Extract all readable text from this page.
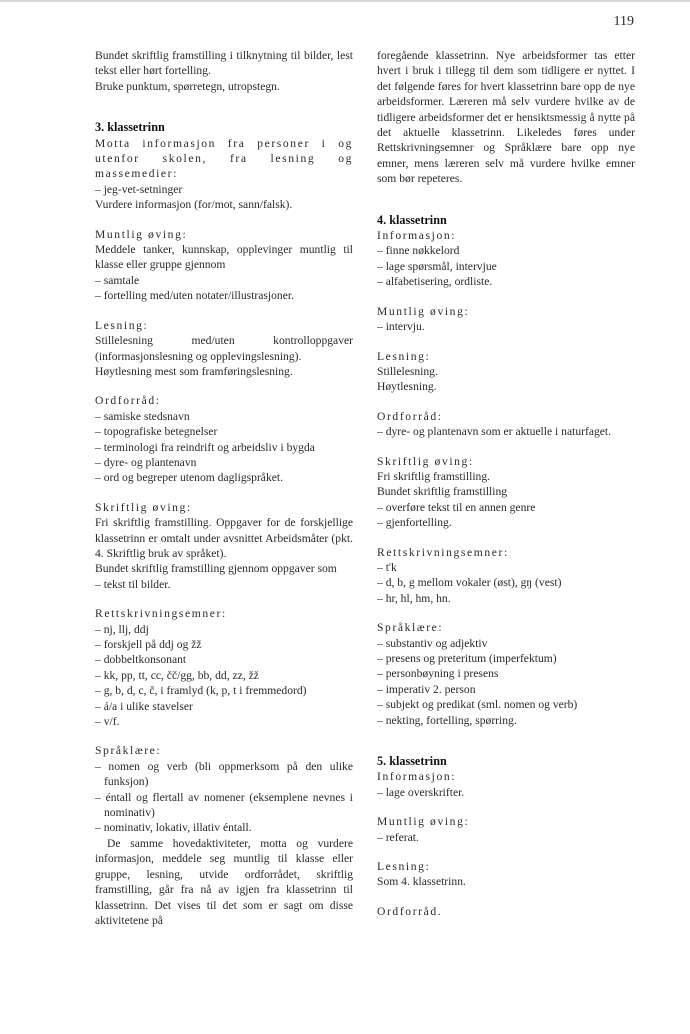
119

Bundet skriftlig framstilling i tilknytning til bilder, lest tekst eller hørt fortelling.

Bruke punktum, spørretegn, utropstegn.

3. klassetrinn

Motta informasjon fra personer i og utenfor skolen, fra lesning og massemedier:

– jeg-vet-setninger

Vurdere informasjon (for/mot, sann/falsk).

Muntlig øving:

Meddele tanker, kunnskap, opplevinger muntlig til klasse eller gruppe gjennom

– samtale
– fortelling med/uten notater/illustrasjoner.

Lesning:

Stillelesning med/uten kontrolloppgaver (informasjonslesning og opplevingslesning).

Høytlesning mest som framføringslesning.

Ordforråd:

– samiske stedsnavn
– topografiske betegnelser
– terminologi fra reindrift og arbeidsliv i bygda
– dyre- og plantenavn
– ord og begreper utenom dagligspråket.

Skriftlig øving:

Fri skriftlig framstilling. Oppgaver for de forskjellige klassetrinn er omtalt under avsnittet Arbeidsmåter (pkt. 4. Skriftlig bruk av språket).

Bundet skriftlig framstilling gjennom oppgaver som

– tekst til bilder.

Rettskrivningsemner:

– nj, llj, ddj
– forskjell på ddj og žž
– dobbeltkonsonant
– kk, pp, tt, cc, čč/gg, bb, dd, zz, žž
– g, b, d, c, č, i framlyd (k, p, t i fremmedord)
– á/a i ulike stavelser
– v/f.

Språklære:

– nomen og verb (bli oppmerksom på den ulike funksjon)
– éntall og flertall av nomener (eksemplene nevnes i nominativ)
– nominativ, lokativ, illativ éntall.

De samme hovedaktiviteter, motta og vurdere informasjon, meddele seg muntlig til klasse eller gruppe, lesning, utvide ordforrådet, skriftlig framstilling, går fra nå av igjen fra klassetrinn til klassetrinn. Det vises til det som er sagt om disse aktivitetene på

foregående klassetrinn. Nye arbeidsformer tas etter hvert i bruk i tillegg til dem som tidligere er nyttet. I det følgende føres for hvert klassetrinn bare opp de nye arbeidsformer. Læreren må selv vurdere hvilke av de tidligere arbeidsformer det er hensiktsmessig å nytte på det aktuelle klassetrinn. Likeledes føres under Rettskrivningsemner og Språklære bare opp nye emner, mens læreren selv må vurdere hvilke emner som bør repeteres.

4. klassetrinn

Informasjon:

– finne nøkkelord
– lage spørsmål, intervjue
– alfabetisering, ordliste.

Muntlig øving:

– intervju.

Lesning:

Stillelesning.

Høytlesning.

Ordforråd:

– dyre- og plantenavn som er aktuelle i naturfaget.

Skriftlig øving:

Fri skriftlig framstilling.

Bundet skriftlig framstilling

– overføre tekst til en annen genre
– gjenfortelling.

Rettskrivningsemner:

– t'k
– d, b, g mellom vokaler (øst), gŋ (vest)
– hr, hl, hm, hn.

Språklære:

– substantiv og adjektiv
– presens og preteritum (imperfektum)
– personbøyning i presens
– imperativ 2. person
– subjekt og predikat (sml. nomen og verb)
– nekting, fortelling, spørring.

5. klassetrinn

Informasjon:

– lage overskrifter.

Muntlig øving:

– referat.

Lesning:

Som 4. klassetrinn.

Ordforråd.
